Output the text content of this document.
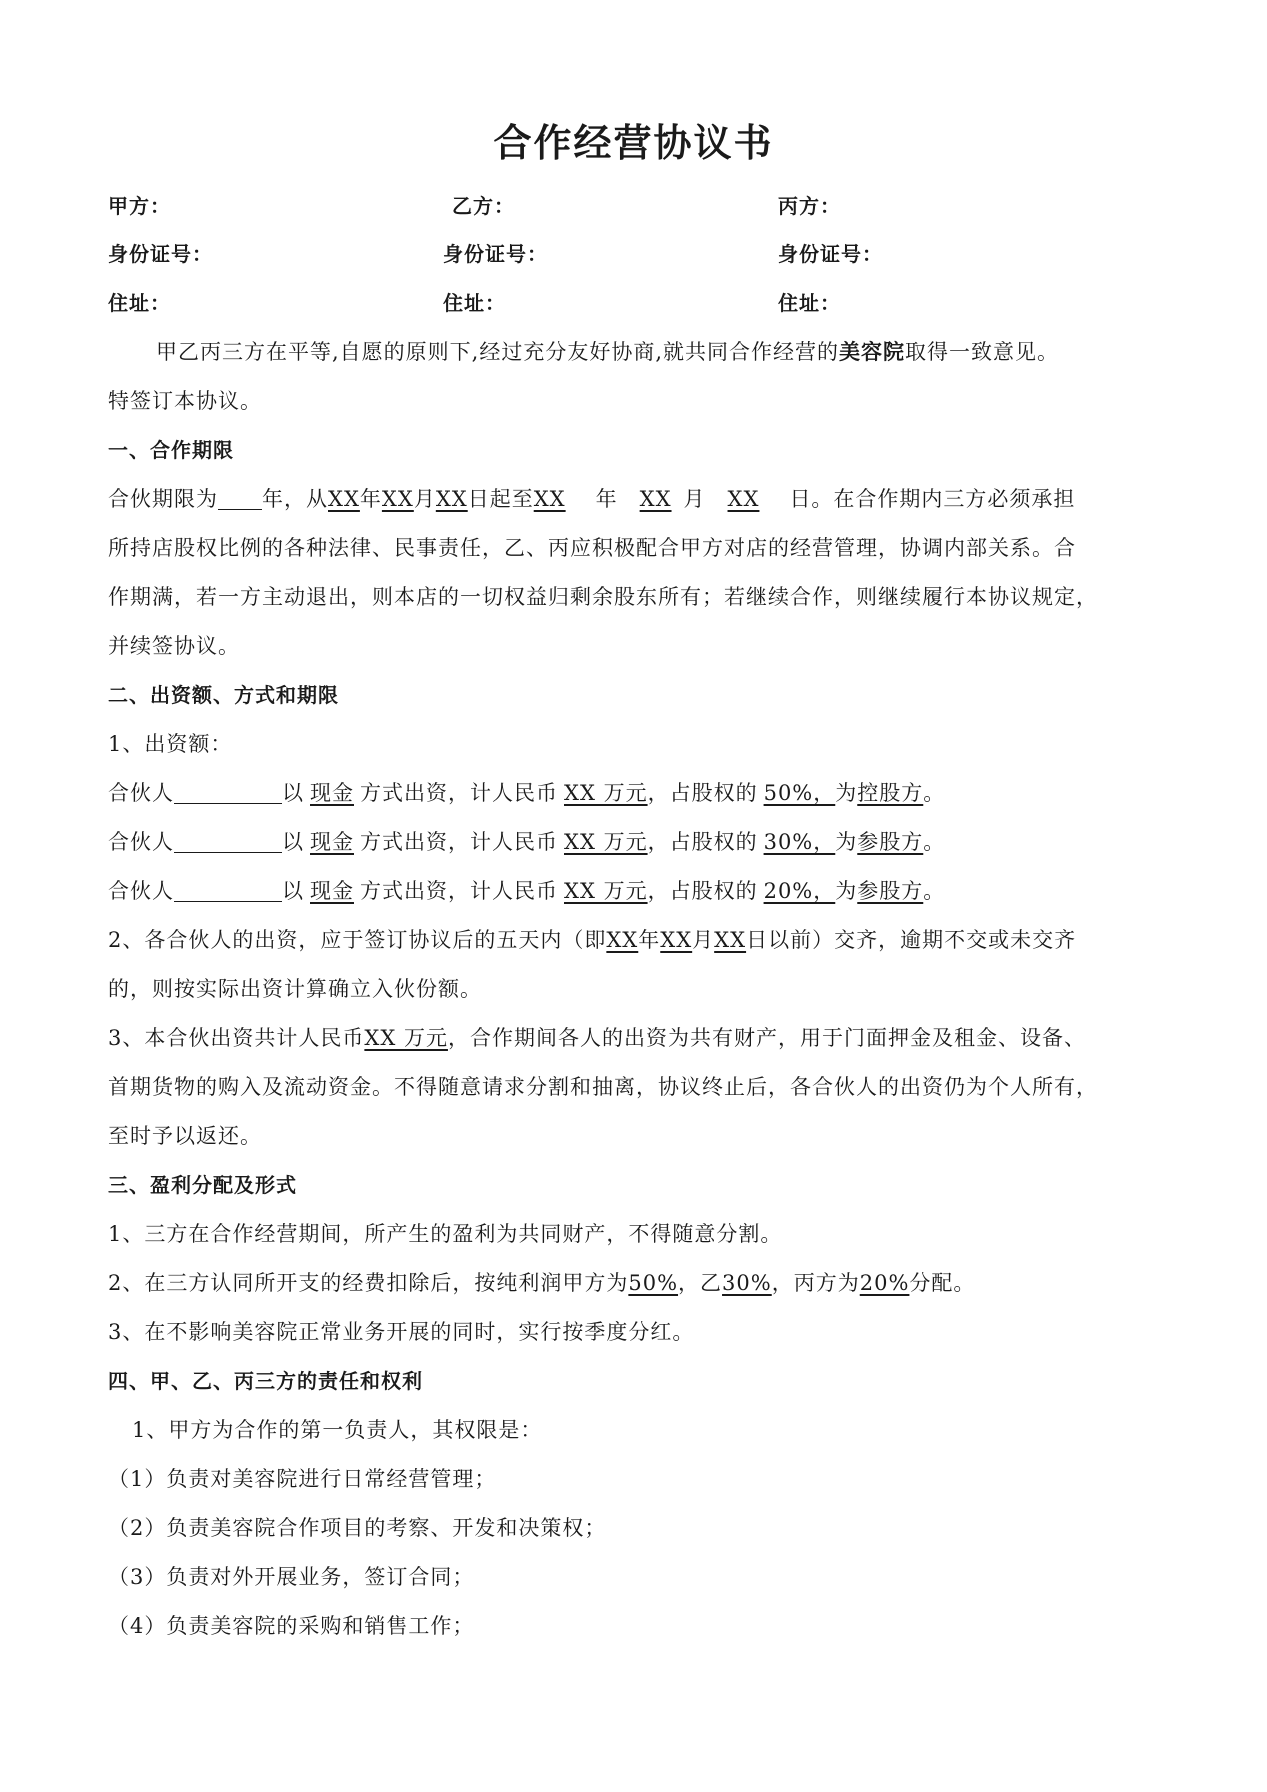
合作经营协议书
甲方：	乙方：	丙方：
身份证号：	身份证号：	身份证号：
住址：	住址：	住址：
甲乙丙三方在平等,自愿的原则下,经过充分友好协商,就共同合作经营的美容院取得一致意见。
特签订本协议。
一、合作期限
合伙期限为 年，从XX年XX月XX日起至XX 年 XX 月 XX 日。在合作期内三方必须承担
所持店股权比例的各种法律、民事责任，乙、丙应积极配合甲方对店的经营管理，协调内部关系。合
作期满，若一方主动退出，则本店的一切权益归剩余股东所有；若继续合作，则继续履行本协议规定，
并续签协议。
二、出资额、方式和期限
1、出资额：
合伙人	以 现金 方式出资，计人民币 XX 万元，占股权的 50%，为控股方。
合伙人	以 现金 方式出资，计人民币 XX 万元，占股权的 30%，为参股方。
合伙人	以 现金 方式出资，计人民币 XX 万元，占股权的 20%，为参股方。
2、各合伙人的出资，应于签订协议后的五天内（即XX年XX月XX日以前）交齐，逾期不交或未交齐
的，则按实际出资计算确立入伙份额。
3、本合伙出资共计人民币XX 万元，合作期间各人的出资为共有财产，用于门面押金及租金、设备、
首期货物的购入及流动资金。不得随意请求分割和抽离，协议终止后，各合伙人的出资仍为个人所有，
至时予以返还。
三、盈利分配及形式
1、三方在合作经营期间，所产生的盈利为共同财产，不得随意分割。
2、在三方认同所开支的经费扣除后，按纯利润甲方为50%，乙30%，丙方为20%分配。
3、在不影响美容院正常业务开展的同时，实行按季度分红。
四、甲、乙、丙三方的责任和权利
1、甲方为合作的第一负责人，其权限是：
（1）负责对美容院进行日常经营管理；
（2）负责美容院合作项目的考察、开发和决策权；
（3）负责对外开展业务，签订合同；
（4）负责美容院的采购和销售工作；
